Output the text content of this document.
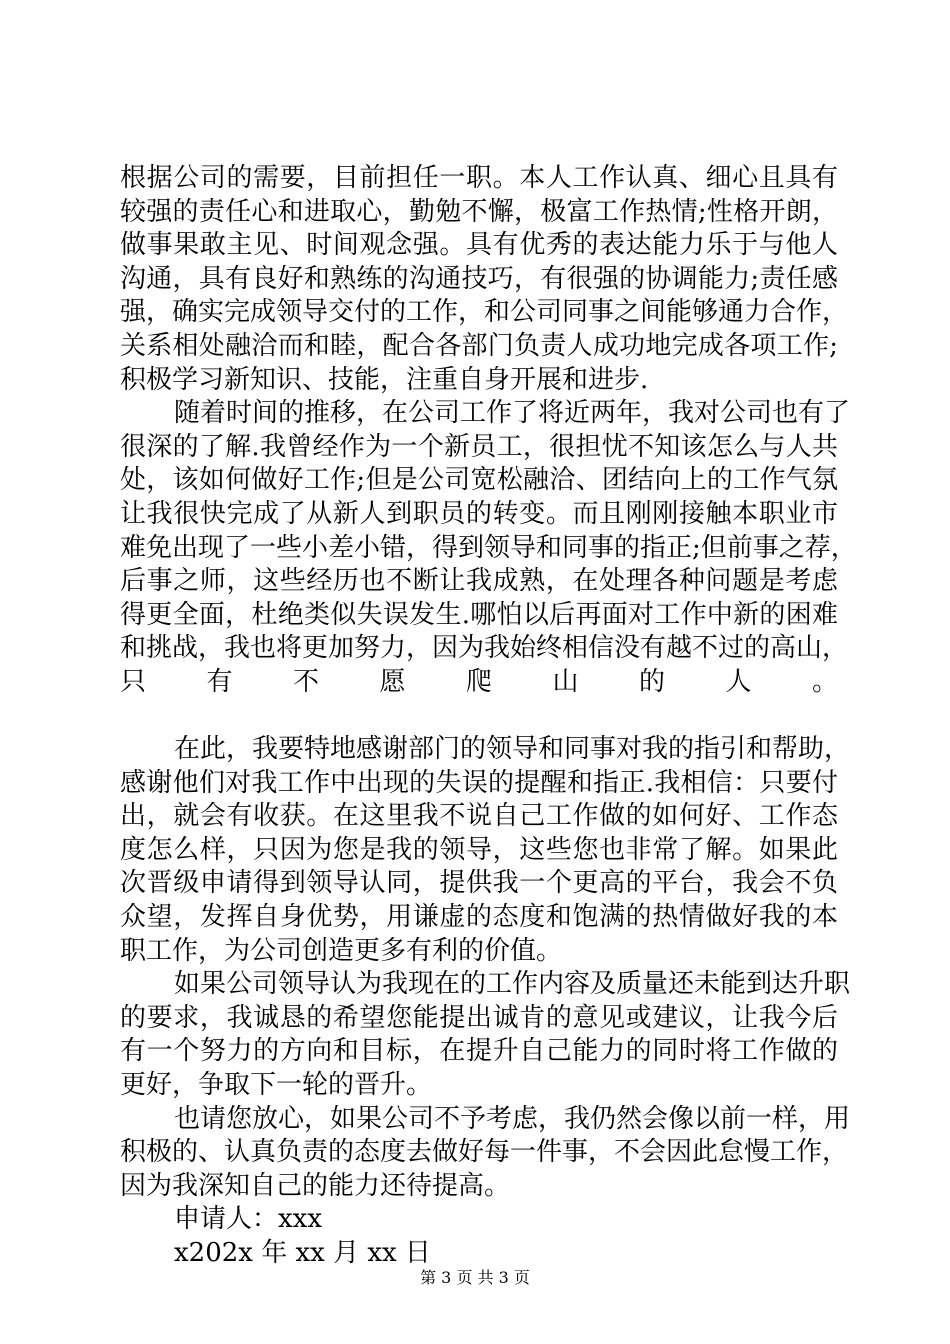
根据公司的需要，目前担任一职。本人工作认真、细心且具有
较强的责任心和进取心，勤勉不懈，极富工作热情;性格开朗，
做事果敢主见、时间观念强。具有优秀的表达能力乐于与他人
沟通，具有良好和熟练的沟通技巧，有很强的协调能力;责任感
强，确实完成领导交付的工作，和公司同事之间能够通力合作，
关系相处融洽而和睦，配合各部门负责人成功地完成各项工作;
积极学习新知识、技能，注重自身开展和进步.
随着时间的推移，在公司工作了将近两年，我对公司也有了
很深的了解.我曾经作为一个新员工，很担忧不知该怎么与人共
处，该如何做好工作;但是公司宽松融洽、团结向上的工作气氛
让我很快完成了从新人到职员的转变。而且刚刚接触本职业市
难免出现了一些小差小错，得到领导和同事的指正;但前事之荐，
后事之师，这些经历也不断让我成熟，在处理各种问题是考虑
得更全面，杜绝类似失误发生.哪怕以后再面对工作中新的困难
和挑战，我也将更加努力，因为我始终相信没有越不过的高山，
只有不愿爬山的人。
在此，我要特地感谢部门的领导和同事对我的指引和帮助，
感谢他们对我工作中出现的失误的提醒和指正.我相信：只要付
出，就会有收获。在这里我不说自己工作做的如何好、工作态
度怎么样，只因为您是我的领导，这些您也非常了解。如果此
次晋级申请得到领导认同，提供我一个更高的平台，我会不负
众望，发挥自身优势，用谦虚的态度和饱满的热情做好我的本
职工作，为公司创造更多有利的价值。
如果公司领导认为我现在的工作内容及质量还未能到达升职
的要求，我诚恳的希望您能提出诚肯的意见或建议，让我今后
有一个努力的方向和目标，在提升自己能力的同时将工作做的
更好，争取下一轮的晋升。
也请您放心，如果公司不予考虑，我仍然会像以前一样，用
积极的、认真负责的态度去做好每一件事，不会因此怠慢工作，
因为我深知自己的能力还待提高。
申请人：xxx
x202x 年 xx 月 xx 日
第 3 页 共 3 页
